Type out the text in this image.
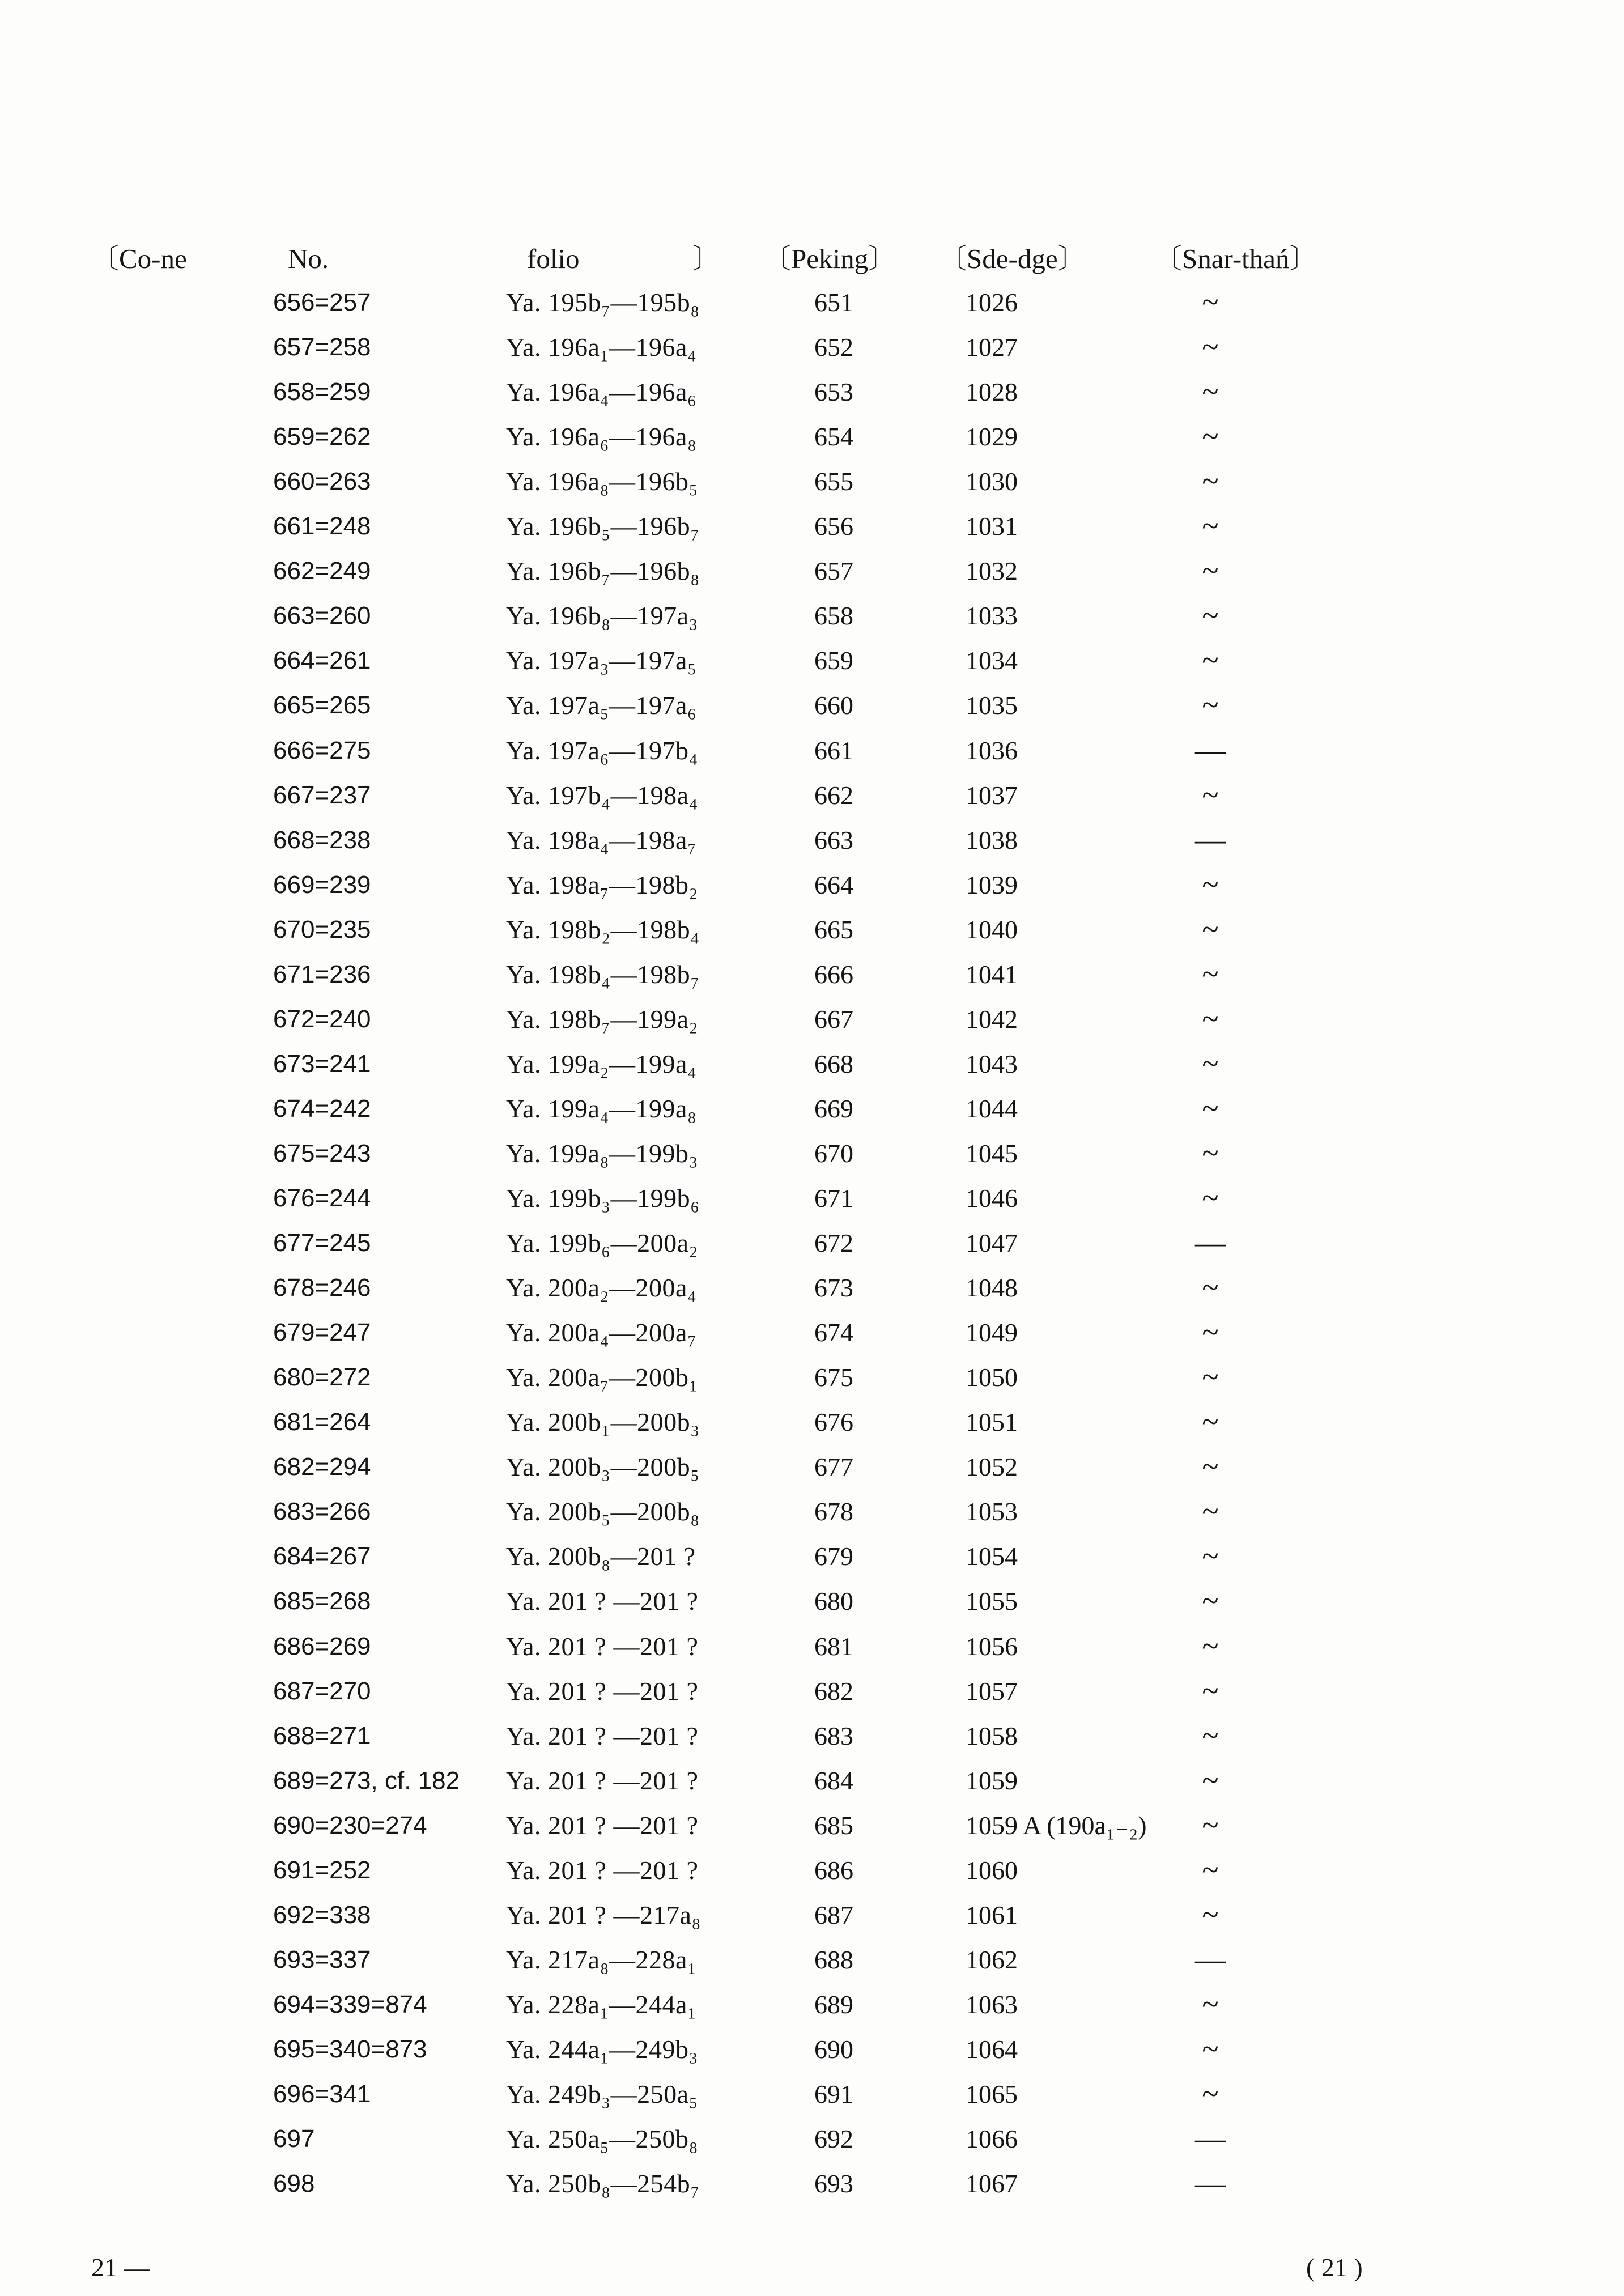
〔Co-ne	No.	folio	〕 〔Peking〕 〔Sde-dge〕 〔Snar-thań〕
656=257	Ya. 195b₇—195b₈	651	1026	~
657=258	Ya. 196a₁—196a₄	652	1027	~
658=259	Ya. 196a₄—196a₆	653	1028	~
659=262	Ya. 196a₆—196a₈	654	1029	~
660=263	Ya. 196a₈—196b₅	655	1030	~
661=248	Ya. 196b₅—196b₇	656	1031	~
662=249	Ya. 196b₇—196b₈	657	1032	~
663=260	Ya. 196b₈—197a₃	658	1033	~
664=261	Ya. 197a₃—197a₅	659	1034	~
665=265	Ya. 197a₅—197a₆	660	1035	~
666=275	Ya. 197a₆—197b₄	661	1036	—
667=237	Ya. 197b₄—198a₄	662	1037	~
668=238	Ya. 198a₄—198a₇	663	1038	—
669=239	Ya. 198a₇—198b₂	664	1039	~
670=235	Ya. 198b₂—198b₄	665	1040	~
671=236	Ya. 198b₄—198b₇	666	1041	~
672=240	Ya. 198b₇—199a₂	667	1042	~
673=241	Ya. 199a₂—199a₄	668	1043	~
674=242	Ya. 199a₄—199a₈	669	1044	~
675=243	Ya. 199a₈—199b₃	670	1045	~
676=244	Ya. 199b₃—199b₆	671	1046	~
677=245	Ya. 199b₆—200a₂	672	1047	—
678=246	Ya. 200a₂—200a₄	673	1048	~
679=247	Ya. 200a₄—200a₇	674	1049	~
680=272	Ya. 200a₇—200b₁	675	1050	~
681=264	Ya. 200b₁—200b₃	676	1051	~
682=294	Ya. 200b₃—200b₅	677	1052	~
683=266	Ya. 200b₅—200b₈	678	1053	~
684=267	Ya. 200b₈—201 ?	679	1054	~
685=268	Ya. 201 ? —201 ?	680	1055	~
686=269	Ya. 201 ? —201 ?	681	1056	~
687=270	Ya. 201 ? —201 ?	682	1057	~
688=271	Ya. 201 ? —201 ?	683	1058	~
689=273, cf. 182 Ya. 201 ? —201 ?	684	1059	~
690=230=274	Ya. 201 ? —201 ?	685	1059 A (190a₁₋₂)	~
691=252	Ya. 201 ? —201 ?	686	1060	~
692=338	Ya. 201 ? —217a₈	687	1061	~
693=337	Ya. 217a₈—228a₁	688	1062	—
694=339=874	Ya. 228a₁—244a₁	689	1063	~
695=340=873	Ya. 244a₁—249b₃	690	1064	~
696=341	Ya. 249b₃—250a₅	691	1065	~
697	Ya. 250a₅—250b₈	692	1066	—
698	Ya. 250b₈—254b₇	693	1067	—
21 —	( 21 )
